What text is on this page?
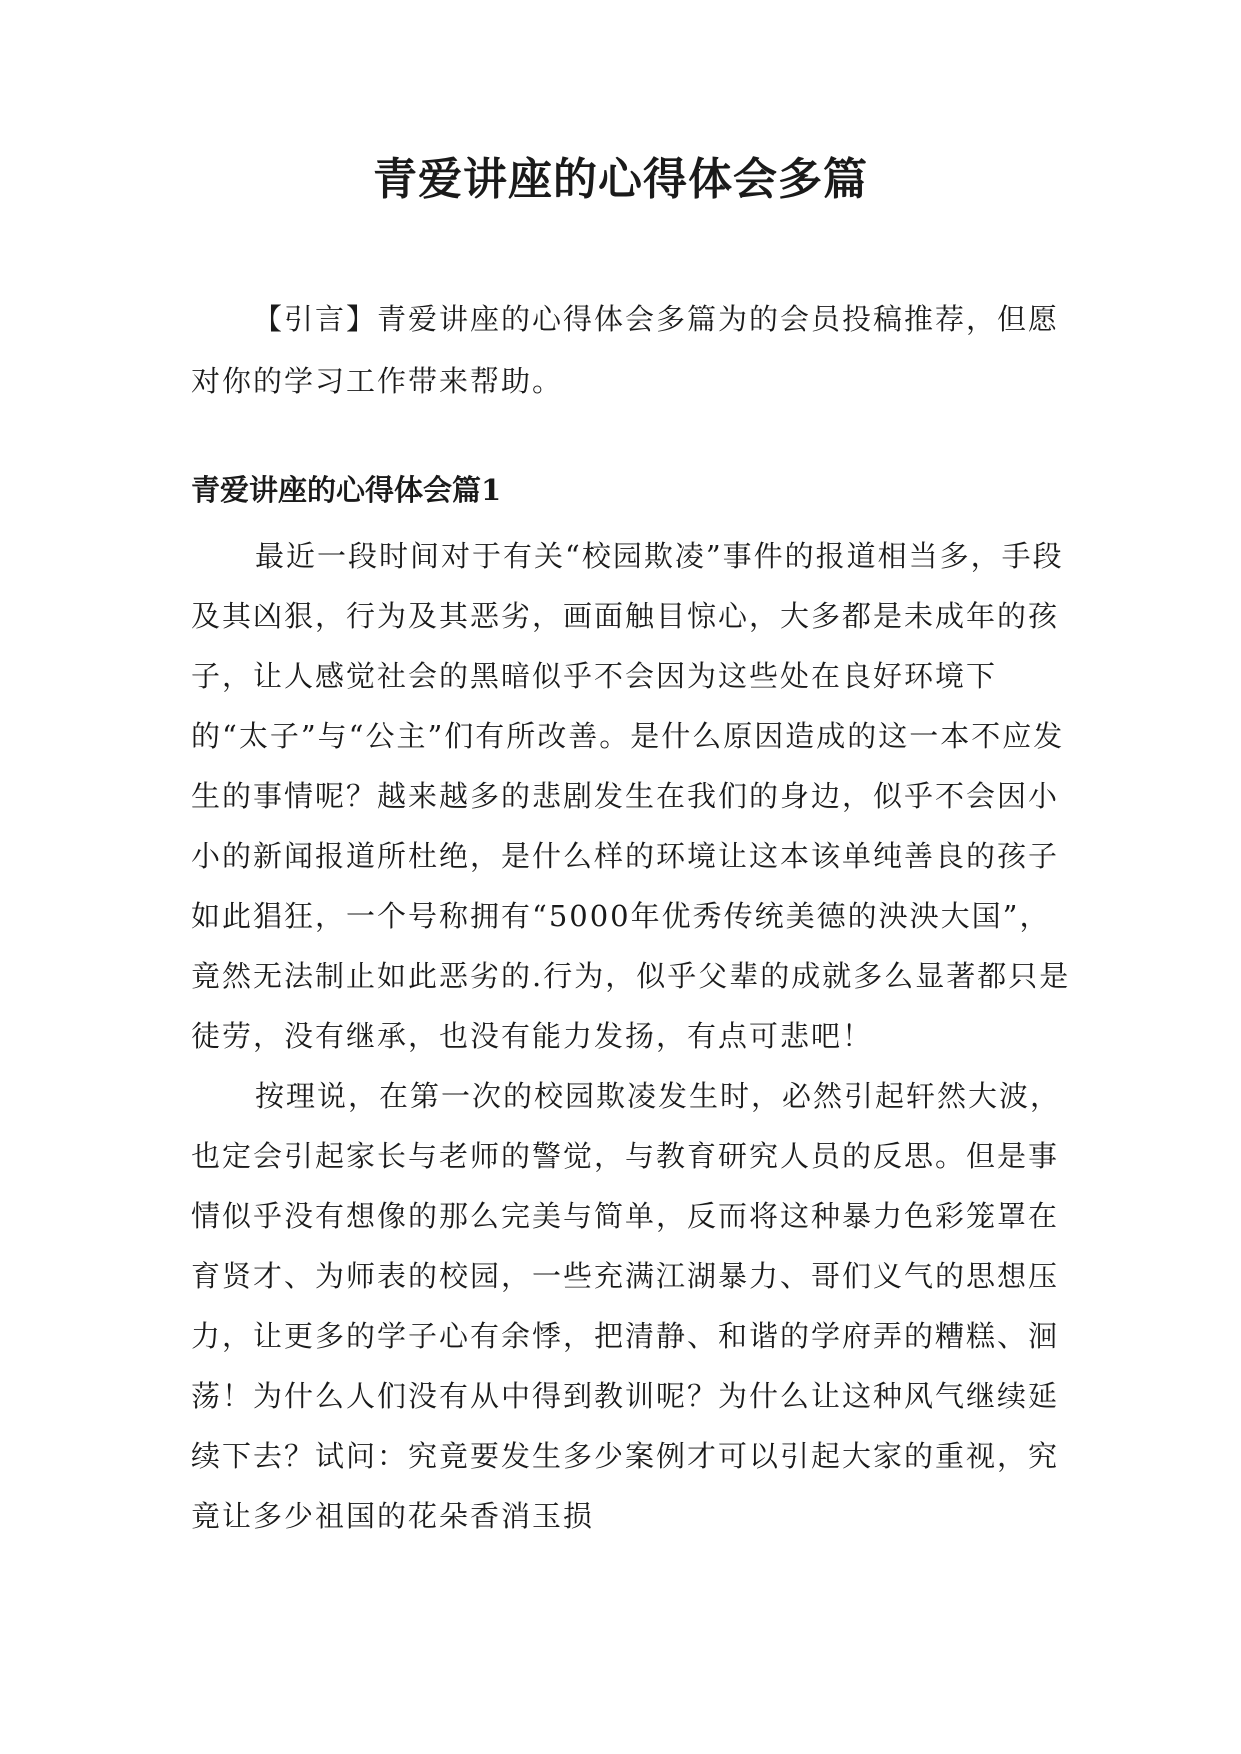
青爱讲座的心得体会多篇

【引言】青爱讲座的心得体会多篇为的会员投稿推荐，但愿对你的学习工作带来帮助。

青爱讲座的心得体会篇1

最近一段时间对于有关“校园欺凌”事件的报道相当多，手段及其凶狠，行为及其恶劣，画面触目惊心，大多都是未成年的孩子，让人感觉社会的黑暗似乎不会因为这些处在良好环境下的“太子”与“公主”们有所改善。是什么原因造成的这一本不应发生的事情呢？越来越多的悲剧发生在我们的身边，似乎不会因小小的新闻报道所杜绝，是什么样的环境让这本该单纯善良的孩子如此猖狂，一个号称拥有“5000年优秀传统美德的泱泱大国”，竟然无法制止如此恶劣的.行为，似乎父辈的成就多么显著都只是徒劳，没有继承，也没有能力发扬，有点可悲吧！

按理说，在第一次的校园欺凌发生时，必然引起轩然大波，也定会引起家长与老师的警觉，与教育研究人员的反思。但是事情似乎没有想像的那么完美与简单，反而将这种暴力色彩笼罩在育贤才、为师表的校园，一些充满江湖暴力、哥们义气的思想压力，让更多的学子心有余悸，把清静、和谐的学府弄的糟糕、洄荡！为什么人们没有从中得到教训呢？为什么让这种风气继续延续下去？试问：究竟要发生多少案例才可以引起大家的重视，究竟让多少祖国的花朵香消玉损
